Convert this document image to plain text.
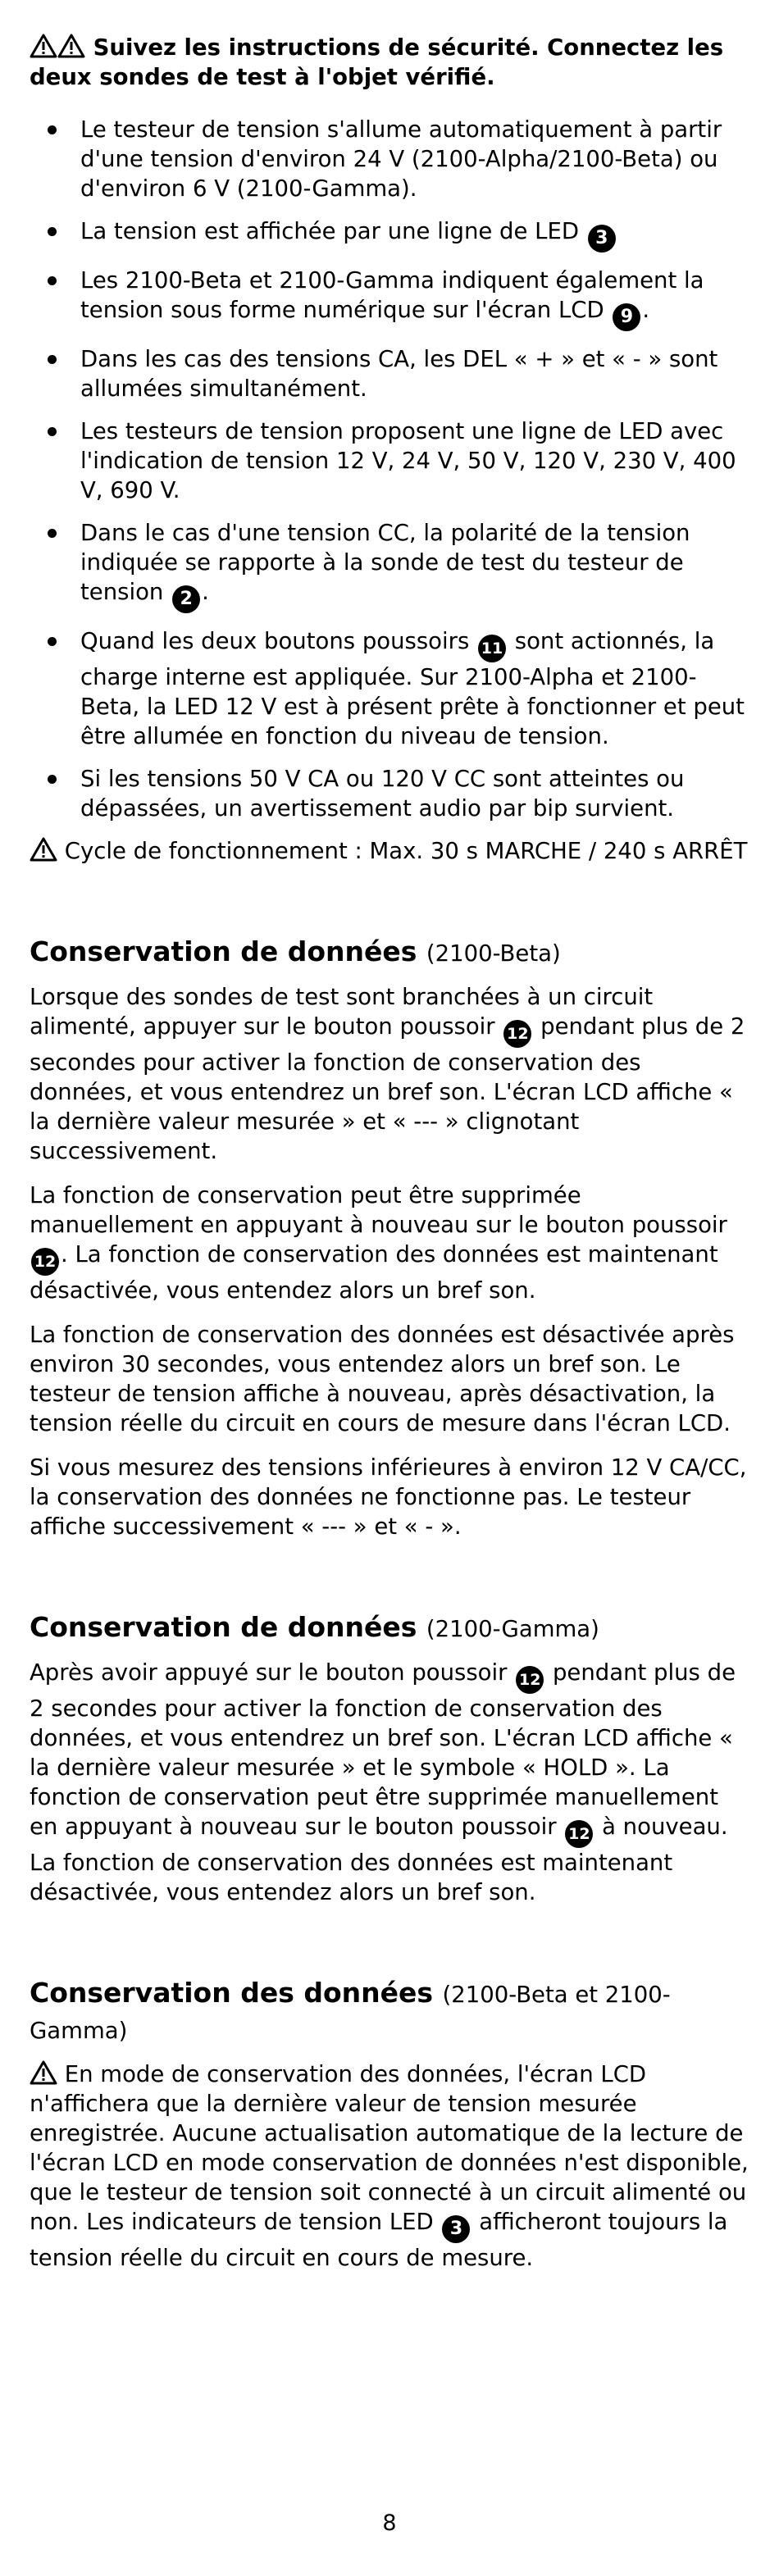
Suivez les instructions de sécurité. Connectez les deux sondes de test à l'objet vérifié.

Le testeur de tension s'allume automatiquement à partir d'une tension d'environ 24 V (2100-Alpha/2100-Beta) ou d'environ 6 V (2100-Gamma).
La tension est affichée par une ligne de LED 3
Les 2100-Beta et 2100-Gamma indiquent également la tension sous forme numérique sur l'écran LCD 9 .
Dans les cas des tensions CA, les DEL « + » et « - » sont allumées simultanément.
Les testeurs de tension proposent une ligne de LED avec l'indication de tension 12 V, 24 V, 50 V, 120 V, 230 V, 400 V, 690 V.
Dans le cas d'une tension CC, la polarité de la tension indiquée se rapporte à la sonde de test du testeur de tension 2 .
Quand les deux boutons poussoirs 11 sont actionnés, la charge interne est appliquée. Sur 2100-Alpha et 2100-Beta, la LED 12 V est à présent prête à fonctionner et peut être allumée en fonction du niveau de tension.
Si les tensions 50 V CA ou 120 V CC sont atteintes ou dépassées, un avertissement audio par bip survient.

Cycle de fonctionnement : Max. 30 s MARCHE / 240 s ARRÊT

Conservation de données (2100-Beta)

Lorsque des sondes de test sont branchées à un circuit alimenté, appuyer sur le bouton poussoir 12 pendant plus de 2 secondes pour activer la fonction de conservation des données, et vous entendrez un bref son. L'écran LCD affiche « la dernière valeur mesurée » et « --- » clignotant successivement.

La fonction de conservation peut être supprimée manuellement en appuyant à nouveau sur le bouton poussoir 12 . La fonction de conservation des données est maintenant désactivée, vous entendez alors un bref son.

La fonction de conservation des données est désactivée après environ 30 secondes, vous entendez alors un bref son. Le testeur de tension affiche à nouveau, après désactivation, la tension réelle du circuit en cours de mesure dans l'écran LCD.

Si vous mesurez des tensions inférieures à environ 12 V CA/CC, la conservation des données ne fonctionne pas. Le testeur affiche successivement « --- » et « - ».

Conservation de données (2100-Gamma)

Après avoir appuyé sur le bouton poussoir 12 pendant plus de 2 secondes pour activer la fonction de conservation des données, et vous entendrez un bref son. L'écran LCD affiche « la dernière valeur mesurée » et le symbole « HOLD ». La fonction de conservation peut être supprimée manuellement en appuyant à nouveau sur le bouton poussoir 12 à nouveau. La fonction de conservation des données est maintenant désactivée, vous entendez alors un bref son.

Conservation des données (2100-Beta et 2100-Gamma)

En mode de conservation des données, l'écran LCD n'affichera que la dernière valeur de tension mesurée enregistrée. Aucune actualisation automatique de la lecture de l'écran LCD en mode conservation de données n'est disponible, que le testeur de tension soit connecté à un circuit alimenté ou non. Les indicateurs de tension LED 3 afficheront toujours la tension réelle du circuit en cours de mesure.

8
